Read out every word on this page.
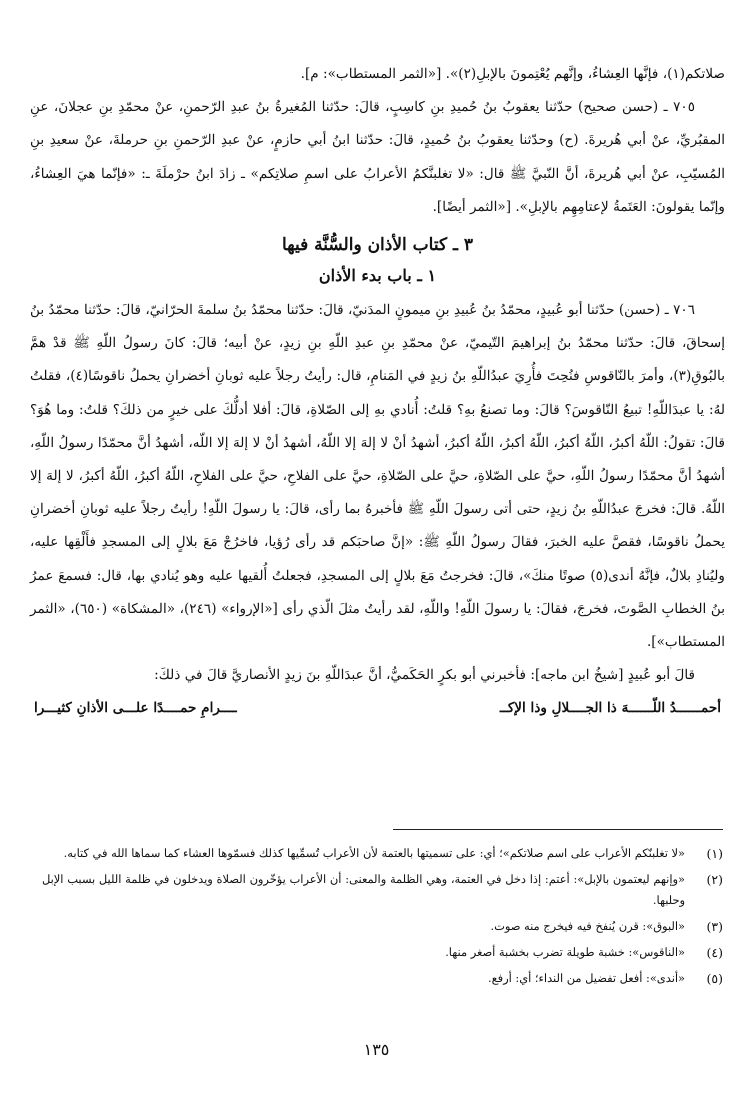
صلاتكم(١)، فإنَّها العِشاءُ، وإنَّهم يُعْتِمونَ بالإبلِ(٢)». [«الثمر المستطاب»: م].

٧٠٥ ـ (حسن صحيح) حدّثنا يعقوبُ بنُ حُميدِ بنِ كاسِبٍ، قالَ: حدّثنا المُغيرةُ بنُ عبدِ الرّحمنِ، عنْ محمّدِ بنِ عجلانَ، عنِ المقبُريِّ، عنْ أبي هُريرةَ. (ح) وحدّثنا يعقوبُ بنُ حُميدٍ، قالَ: حدّثنا ابنُ أبي حازمٍ، عنْ عبدِ الرّحمنِ بنِ حرملةَ، عنْ سعيدِ بنِ المُسيّبِ، عنْ أبي هُريرةَ، أنَّ النّبيَّ ﷺ قال: «لا تغلبنَّكمُ الأعرابُ على اسمِ صلاتِكم» ـ زادَ ابنُ حرْملَةَ ـ: «فإنّما هيَ العِشاءُ، وإنّما يقولونَ: العَتَمةُ لإعتامِهِم بالإبلِ». [«الثمر أيضًا].

٣ ـ كتاب الأذان والسُّنَّة فيها
١ ـ باب بدء الأذان

٧٠٦ ـ (حسن) حدّثنا أبو عُبيدٍ، محمّدُ بنُ عُبيدِ بنِ ميمونٍ المدَنيّ، قالَ: حدّثنا محمّدُ بنُ سلمةَ الحرّانيّ، قالَ: حدّثنا محمّدُ بنُ إسحاقَ، قالَ: حدّثنا محمّدُ بنُ إبراهيمَ التّيميّ، عنْ محمّدِ بنِ عبدِ اللّهِ بنِ زيدٍ، عنْ أبيه؛ قالَ: كانَ رسولُ اللّهِ ﷺ قدْ همَّ بالبُوقِ(٣)، وأمرَ بالنّاقوسِ فنُحِتَ فأُرِيَ عبدُاللّهِ بنُ زيدٍ في المَنامِ، قال: رأيتُ رجلاً عليه ثوبانِ أخضرانِ يحملُ ناقوسًا(٤)، فقلتُ لهُ: يا عبدَاللّهِ! تبيعُ النّاقوسَ؟ قالَ: وما تصنعُ بهِ؟ قلتُ: أُنادي بهِ إلى الصّلاةِ، قالَ: أفلا أدلُّكَ على خيرٍ من ذلكَ؟ قلتُ: وما هُوَ؟ قالَ: تقولُ: اللّهُ أكبرُ، اللّهُ أكبرُ، اللّهُ أكبرُ، اللّهُ أكبرُ، أشهدُ أنْ لا إلهَ إلا اللّهُ، أشهدُ أنْ لا إلهَ إلا اللّه، أشهدُ أنَّ محمّدًا رسولُ اللّهِ، أشهدُ أنَّ محمّدًا رسولُ اللّهِ، حيَّ على الصّلاةِ، حيَّ على الصّلاةِ، حيَّ على الفلاحِ، حيَّ على الفلاحِ، اللّهُ أكبرُ، اللّهُ أكبرُ، لا إلهَ إلا اللّهُ. قالَ: فخرجَ عبدُاللّهِ بنُ زيدٍ، حتى أتى رسولَ اللّهِ ﷺ فأخبرهُ بما رأى، قالَ: يا رسولَ اللّهِ! رأيتُ رجلاً عليه ثوبانِ أخضرانِ يحملُ ناقوسًا، فقصَّ عليه الخبرَ، فقالَ رسولُ اللّهِ ﷺ: «إنَّ صاحبَكم قد رأى رُؤيا، فاخرُجْ مَعَ بلالٍ إلى المسجدِ فأَلْقِها عليه، وليُنادِ بلالٌ، فإنَّهُ أندى(٥) صوتًا منكَ»، قالَ: فخرجتُ مَعَ بلالٍ إلى المسجدِ، فجعلتُ أُلقيها عليه وهو يُنادي بها، قال: فسمعَ عمرُ بنُ الخطابِ الصَّوتَ، فخرجَ، فقالَ: يا رسولَ اللّهِ! واللّهِ، لقد رأيتُ مثلَ الّذي رأى [«الإرواء» (٢٤٦)، «المشكاة» (٦٥٠)، «الثمر المستطاب»].

قالَ أبو عُبيدٍ [شيخُ ابن ماجه]: فأخبرني أبو بكرٍ الحَكَميُّ، أنَّ عبدَاللّهِ بنَ زيدٍ الأنصاريَّ قالَ في ذلكَ:

أحمــــــدُ اللّــــــهَ ذا الجــــلالِ وذا الإكــ
ــــرامِ حمــــدًا علـــى الأذانِ كثيـــرا
(١)
«لا تغلبنّكم الأعراب على اسم صلاتكم»؛ أي: على تسميتها بالعتمة لأن الأعراب تُسمِّيها كذلك فسمّوها العشاء كما سماها الله في كتابه.
(٢)
«وإنهم ليعتمون بالإبل»: أعتم: إذا دخل في العتمة، وهي الظلمة والمعنى: أن الأعراب يؤخّرون الصلاة ويدخلون في ظلمة الليل بسبب الإبل وحلبها.
(٣)
«البوق»: قرن يُنفخ فيه فيخرج منه صوت.
(٤)
«الناقوس»: خشبة طويلة تضرب بخشبة أصغر منها.
(٥)
«أندى»: أفعل تفضيل من النداء؛ أي: أرفع.
١٣٥
